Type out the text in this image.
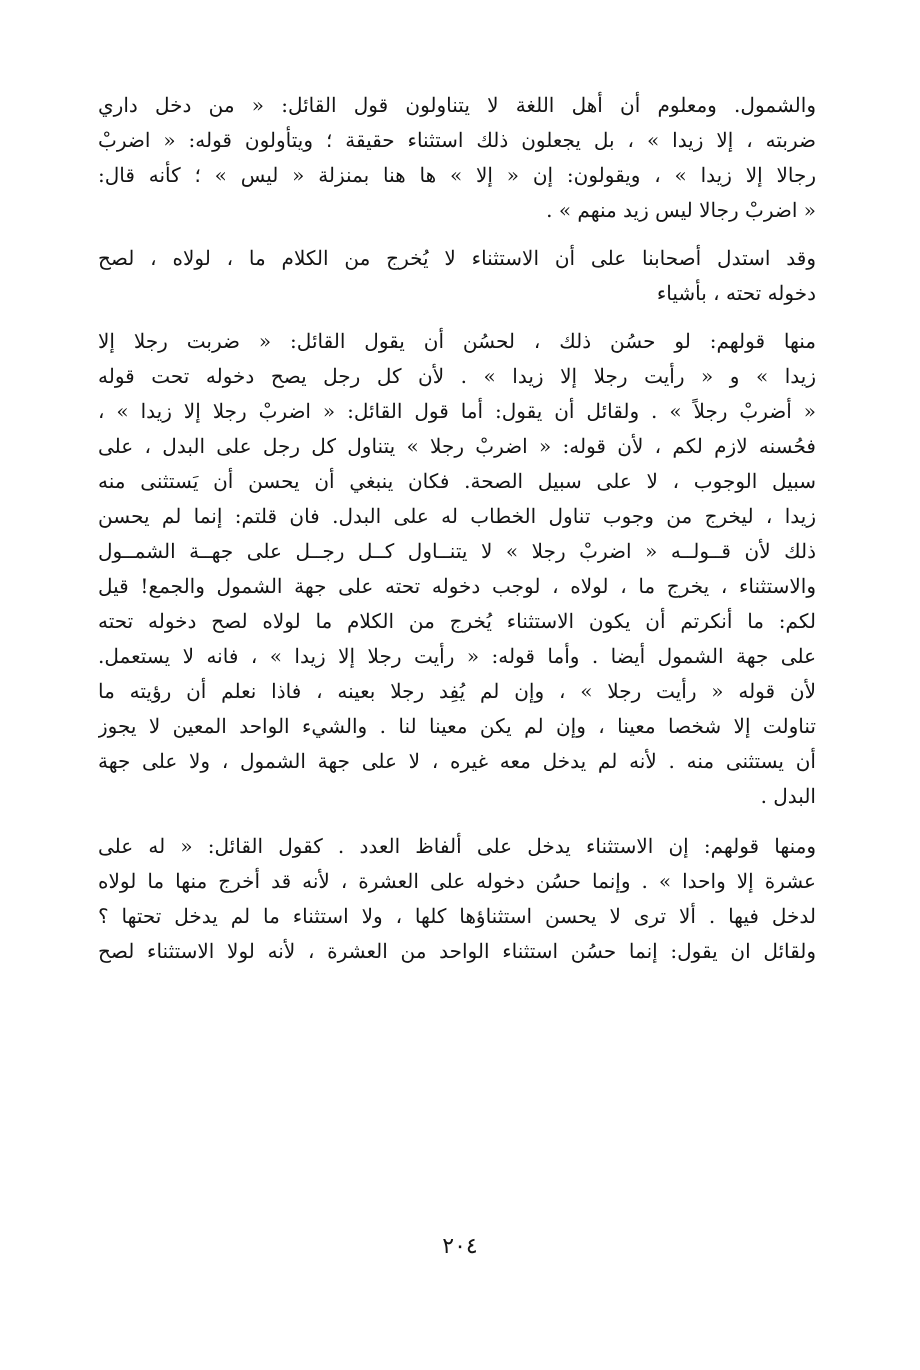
والشمول. ومعلوم أن أهل اللغة لا يتناولون قول القائل: « من دخل داري
ضربته ، إلا زيدا » ، بل يجعلون ذلك استثناء حقيقة ؛ ويتأولون قوله: « اضربْ
رجالا إلا زيدا » ، ويقولون: إن « إلا » ها هنا بمنزلة « ليس » ؛ كأنه قال:
« اضربْ رجالا ليس زيد منهم » .
وقد استدل أصحابنا على أن الاستثناء لا يُخرج من الكلام ما ، لولاه ، لصح
دخوله تحته ، بأشياء
منها قولهم: لو حسُن ذلك ، لحسُن أن يقول القائل: « ضربت رجلا إلا
زيدا » و « رأيت رجلا إلا زيدا » . لأن كل رجل يصح دخوله تحت قوله
« أضربْ رجلاً » . ولقائل أن يقول: أما قول القائل: « اضربْ رجلا إلا زيدا » ،
فحُسنه لازم لكم ، لأن قوله: « اضربْ رجلا » يتناول كل رجل على البدل ، على
سبيل الوجوب ، لا على سبيل الصحة. فكان ينبغي أن يحسن أن يَستثنى منه
زيدا ، ليخرج من وجوب تناول الخطاب له على البدل. فان قلتم: إنما لم يحسن
ذلك لأن قــولــه « اضربْ رجلا » لا يتنــاول كــل رجــل على جهــة الشمــول
والاستثناء ، يخرج ما ، لولاه ، لوجب دخوله تحته على جهة الشمول والجمع! قيل
لكم: ما أنكرتم أن يكون الاستثناء يُخرج من الكلام ما لولاه لصح دخوله تحته
على جهة الشمول أيضا . وأما قوله: « رأيت رجلا إلا زيدا » ، فانه لا يستعمل.
لأن قوله « رأيت رجلا » ، وإن لم يُفِد رجلا بعينه ، فاذا نعلم أن رؤيته ما
تناولت إلا شخصا معينا ، وإن لم يكن معينا لنا . والشيء الواحد المعين لا يجوز
أن يستثنى منه . لأنه لم يدخل معه غيره ، لا على جهة الشمول ، ولا على جهة
البدل .
ومنها قولهم: إن الاستثناء يدخل على ألفاظ العدد . كقول القائل: « له على
عشرة إلا واحدا » . وإنما حسُن دخوله على العشرة ، لأنه قد أخرج منها ما لولاه
لدخل فيها . ألا ترى لا يحسن استثناؤها كلها ، ولا استثناء ما لم يدخل تحتها ؟
ولقائل ان يقول: إنما حسُن استثناء الواحد من العشرة ، لأنه لولا الاستثناء لصح
٢٠٤
